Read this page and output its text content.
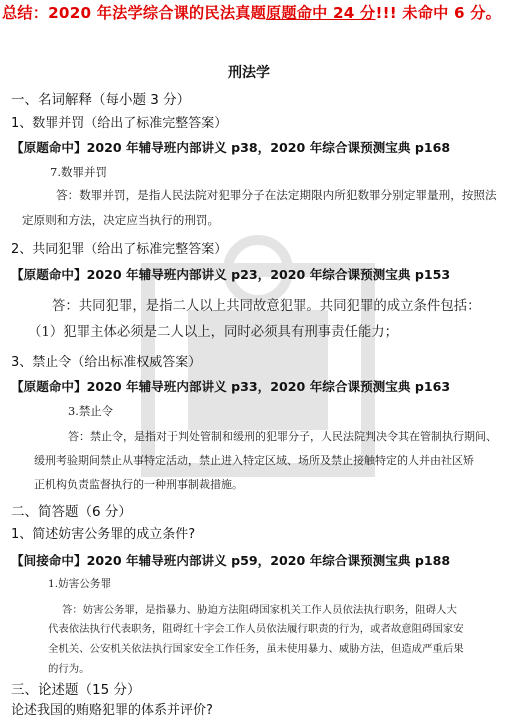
总结：2020 年法学综合课的民法真题原题命中 24 分!!! 未命中 6 分。
刑法学
一、名词解释（每小题 3 分）
1、数罪并罚（给出了标准完整答案）
【原题命中】2020 年辅导班内部讲义 p38，2020 年综合课预测宝典 p168
7.数罪并罚
答：数罪并罚，是指人民法院对犯罪分子在法定期限内所犯数罪分别定罪量刑，按照法
定原则和方法，决定应当执行的刑罚。
2、共同犯罪（给出了标准完整答案）
【原题命中】2020 年辅导班内部讲义 p23，2020 年综合课预测宝典 p153
答：共同犯罪，是指二人以上共同故意犯罪。共同犯罪的成立条件包括：
（1）犯罪主体必须是二人以上，同时必须具有刑事责任能力；
3、禁止令（给出标准权威答案）
【原题命中】2020 年辅导班内部讲义 p33，2020 年综合课预测宝典 p163
3.禁止令
答：禁止令，是指对于判处管制和缓刑的犯罪分子，人民法院判决令其在管制执行期间、
缓刑考验期间禁止从事特定活动，禁止进入特定区域、场所及禁止接触特定的人并由社区矫
正机构负责监督执行的一种刑事制裁措施。
二、简答题（6 分）
1、简述妨害公务罪的成立条件?
【间接命中】2020 年辅导班内部讲义 p59，2020 年综合课预测宝典 p188
1.妨害公务罪
答：妨害公务罪，是指暴力、胁迫方法阻碍国家机关工作人员依法执行职务，阻碍人大
代表依法执行代表职务，阻碍红十字会工作人员依法履行职责的行为，或者故意阻碍国家安
全机关、公安机关依法执行国家安全工作任务，虽未使用暴力、威胁方法，但造成严重后果
的行为。
三、论述题（15 分）
论述我国的贿赂犯罪的体系并评价?
